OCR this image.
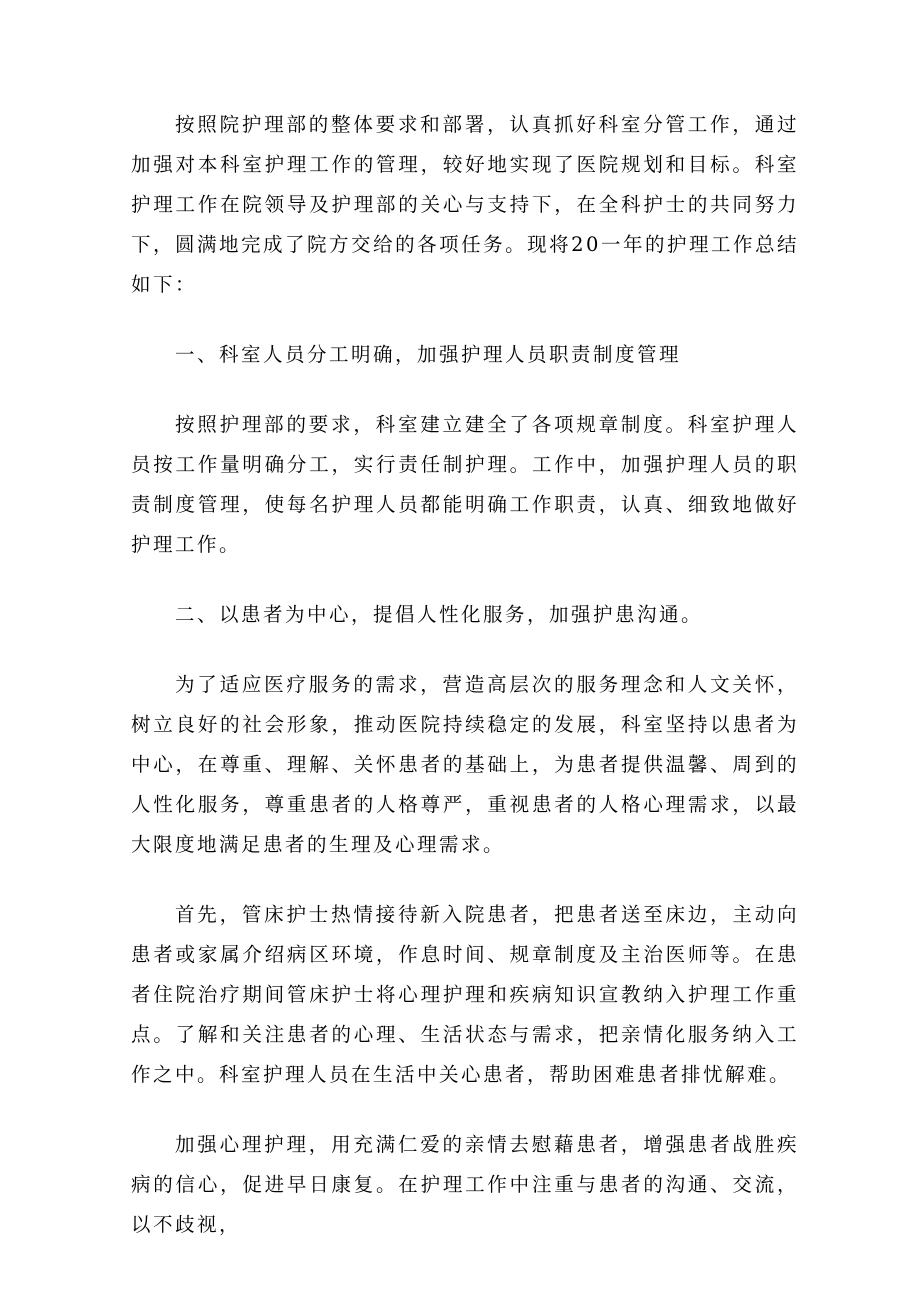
按照院护理部的整体要求和部署，认真抓好科室分管工作，通过加强对本科室护理工作的管理，较好地实现了医院规划和目标。科室护理工作在院领导及护理部的关心与支持下，在全科护士的共同努力下，圆满地完成了院方交给的各项任务。现将20一年的护理工作总结如下：

一、科室人员分工明确，加强护理人员职责制度管理

按照护理部的要求，科室建立建全了各项规章制度。科室护理人员按工作量明确分工，实行责任制护理。工作中，加强护理人员的职责制度管理，使每名护理人员都能明确工作职责，认真、细致地做好护理工作。

二、以患者为中心，提倡人性化服务，加强护患沟通。

为了适应医疗服务的需求，营造高层次的服务理念和人文关怀，树立良好的社会形象，推动医院持续稳定的发展，科室坚持以患者为中心，在尊重、理解、关怀患者的基础上，为患者提供温馨、周到的人性化服务，尊重患者的人格尊严，重视患者的人格心理需求，以最大限度地满足患者的生理及心理需求。

首先，管床护士热情接待新入院患者，把患者送至床边，主动向患者或家属介绍病区环境，作息时间、规章制度及主治医师等。在患者住院治疗期间管床护士将心理护理和疾病知识宣教纳入护理工作重点。了解和关注患者的心理、生活状态与需求，把亲情化服务纳入工作之中。科室护理人员在生活中关心患者，帮助困难患者排忧解难。

加强心理护理，用充满仁爱的亲情去慰藉患者，增强患者战胜疾病的信心，促进早日康复。在护理工作中注重与患者的沟通、交流，以不歧视，
